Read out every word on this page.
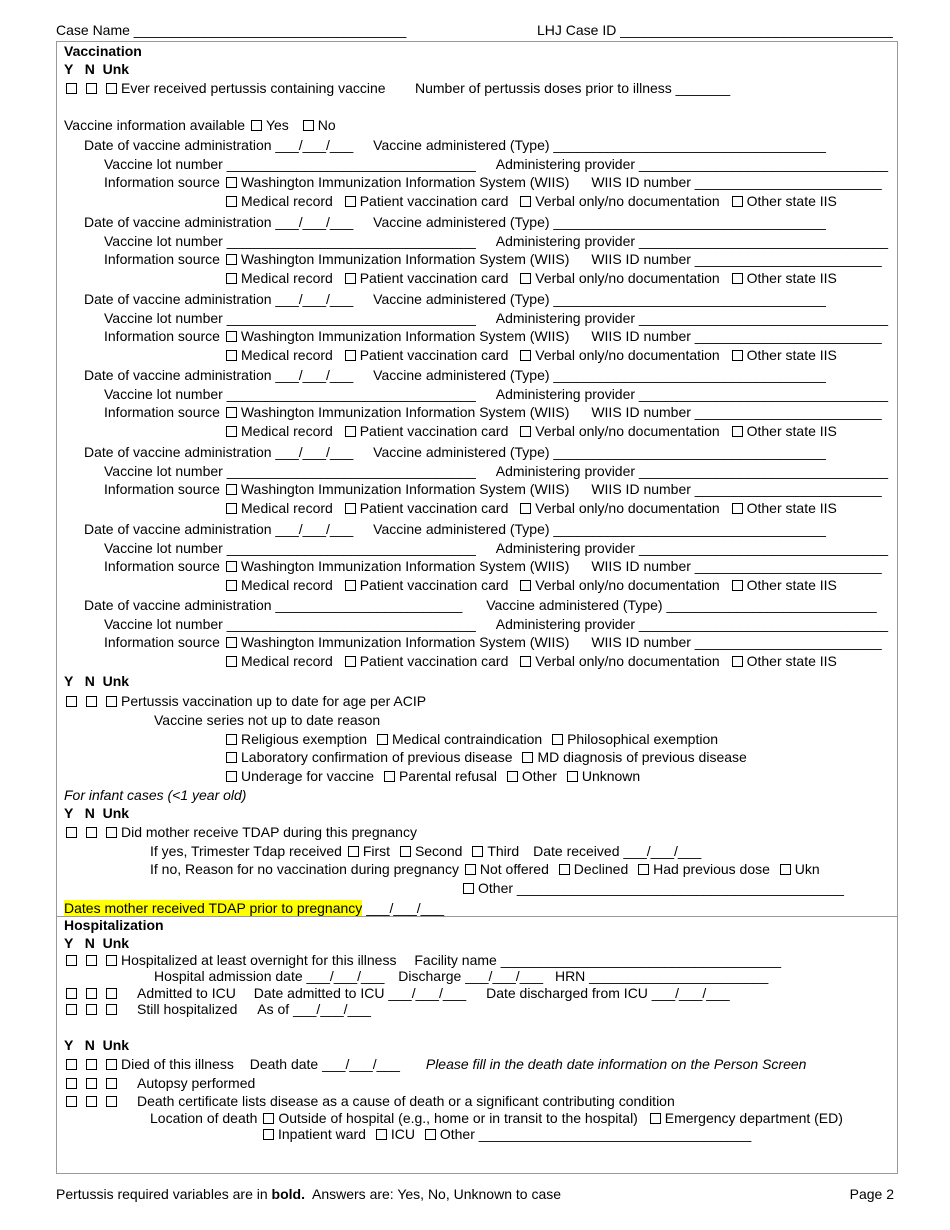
Case Name ___________________________________	LHJ Case ID ___________________________________
Vaccination
Y   N  Unk
Ever received pertussis containing vaccine Number of pertussis doses prior to illness _______
Vaccine information available Yes No
Date of vaccine administration ___/___/___ Vaccine administered (Type) ___________________________________
Vaccine lot number ________________________________ Administering provider ________________________________
Information source Washington Immunization Information System (WIIS) WIIS ID number ________________________
Medical record Patient vaccination card Verbal only/no documentation Other state IIS
Date of vaccine administration ___/___/___ Vaccine administered (Type) ___________________________________
Vaccine lot number ________________________________ Administering provider ________________________________
Information source Washington Immunization Information System (WIIS) WIIS ID number ________________________
Medical record Patient vaccination card Verbal only/no documentation Other state IIS
Date of vaccine administration ___/___/___ Vaccine administered (Type) ___________________________________
Vaccine lot number ________________________________ Administering provider ________________________________
Information source Washington Immunization Information System (WIIS) WIIS ID number ________________________
Medical record Patient vaccination card Verbal only/no documentation Other state IIS
Date of vaccine administration ___/___/___ Vaccine administered (Type) ___________________________________
Vaccine lot number ________________________________ Administering provider ________________________________
Information source Washington Immunization Information System (WIIS) WIIS ID number ________________________
Medical record Patient vaccination card Verbal only/no documentation Other state IIS
Date of vaccine administration ___/___/___ Vaccine administered (Type) ___________________________________
Vaccine lot number ________________________________ Administering provider ________________________________
Information source Washington Immunization Information System (WIIS) WIIS ID number ________________________
Medical record Patient vaccination card Verbal only/no documentation Other state IIS
Date of vaccine administration ___/___/___ Vaccine administered (Type) ___________________________________
Vaccine lot number ________________________________ Administering provider ________________________________
Information source Washington Immunization Information System (WIIS) WIIS ID number ________________________
Medical record Patient vaccination card Verbal only/no documentation Other state IIS
Date of vaccine administration ________________________ Vaccine administered (Type) ___________________________
Vaccine lot number ________________________________ Administering provider ________________________________
Information source Washington Immunization Information System (WIIS) WIIS ID number ________________________
Medical record Patient vaccination card Verbal only/no documentation Other state IIS
Y   N  Unk
Pertussis vaccination up to date for age per ACIP
Vaccine series not up to date reason
Religious exemption Medical contraindication Philosophical exemption
Laboratory confirmation of previous disease MD diagnosis of previous disease
Underage for vaccine Parental refusal Other Unknown
For infant cases (<1 year old)
Y   N  Unk
Did mother receive TDAP during this pregnancy
If yes, Trimester Tdap received First Second Third Date received ___/___/___
If no, Reason for no vaccination during pregnancy Not offered Declined Had previous dose Ukn
Other __________________________________________
Dates mother received TDAP prior to pregnancy ___/___/___
Hospitalization
Y   N  Unk
Hospitalized at least overnight for this illness Facility name ____________________________________
Hospital admission date ___/___/___ Discharge ___/___/___ HRN _______________________
Admitted to ICU Date admitted to ICU ___/___/___ Date discharged from ICU ___/___/___
Still hospitalized As of ___/___/___
Y   N  Unk
Died of this illness Death date ___/___/___ Please fill in the death date information on the Person Screen
Autopsy performed
Death certificate lists disease as a cause of death or a significant contributing condition
Location of death Outside of hospital (e.g., home or in transit to the hospital) Emergency department (ED)
Inpatient ward ICU Other ___________________________________
Pertussis required variables are in bold. Answers are: Yes, No, Unknown to case	Page 2
